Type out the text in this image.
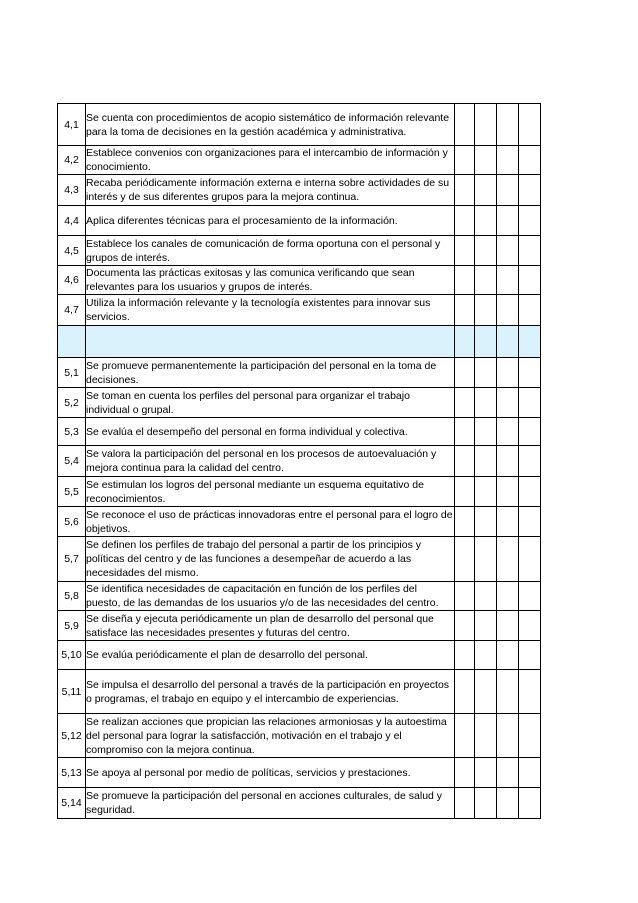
4,1	Se cuenta con procedimientos de acopio sistemático de información relevante para la toma de decisiones en la gestión académica y administrativa.				
4,2	Establece convenios con organizaciones para el intercambio de información y conocimiento.				
4,3	Recaba periódicamente información externa e interna sobre actividades de su interés y de sus diferentes grupos para la mejora continua.				
4,4	Aplica diferentes técnicas para el procesamiento de la información.				
4,5	Establece los canales de comunicación de forma oportuna con el personal y grupos de interés.				
4,6	Documenta las prácticas exitosas y las comunica verificando que sean relevantes para los usuarios y grupos de interés.				
4,7	Utiliza la información relevante y la tecnología existentes para innovar sus servicios.				

5,1	Se promueve permanentemente la participación del personal en la toma de decisiones.				
5,2	Se toman en cuenta los perfiles del personal para organizar el trabajo individual o grupal.				
5,3	Se evalúa el desempeño del personal en forma individual y colectiva.				
5,4	Se valora la participación del personal en los procesos de autoevaluación y mejora continua para la calidad del centro.				
5,5	Se estimulan los logros del personal mediante un esquema equitativo de reconocimientos.				
5,6	Se reconoce el uso de prácticas innovadoras entre el personal para el logro de objetivos.				
5,7	Se definen los perfiles de trabajo del personal a partir de los principios y políticas del centro y de las funciones a desempeñar de acuerdo a las necesidades del mismo.				
5,8	Se identifica necesidades de capacitación en función de los perfiles del puesto, de las demandas de los usuarios y/o de las necesidades del centro.				
5,9	Se diseña y ejecuta periódicamente un plan de desarrollo del personal que satisface las necesidades presentes y futuras del centro.				
5,10	Se evalúa periódicamente el plan de desarrollo del personal.				
5,11	Se impulsa el desarrollo del personal a través de la participación en proyectos o programas, el trabajo en equipo y el intercambio de experiencias.				
5,12	Se realizan acciones que propician las relaciones armoniosas y la autoestima del personal para lograr la satisfacción, motivación en el trabajo y el compromiso con la mejora continua.				
5,13	Se apoya al personal por medio de políticas, servicios y prestaciones.				
5,14	Se promueve la participación del personal en acciones culturales, de salud y seguridad.				
